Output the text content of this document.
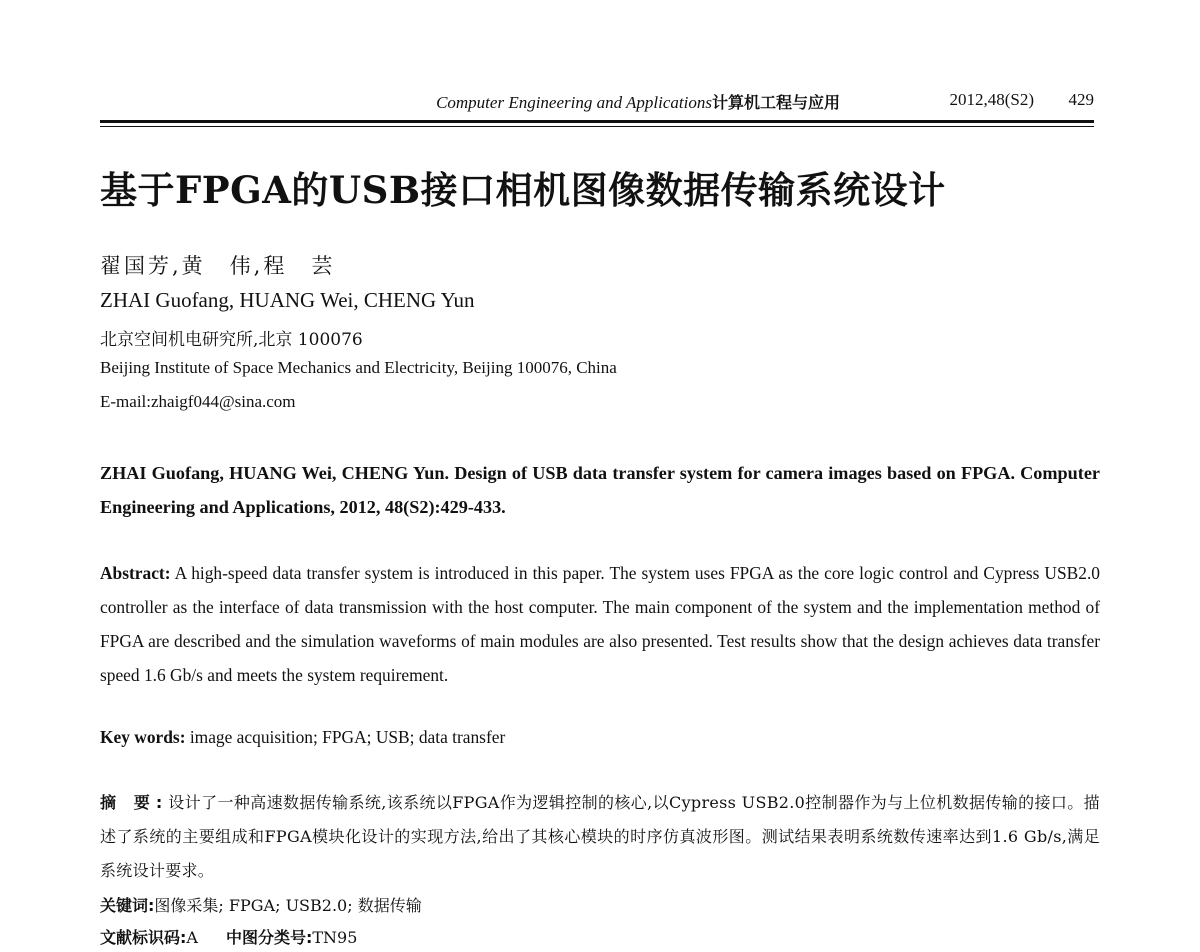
Computer Engineering and Applications计算机工程与应用	2012,48(S2) 429
基于FPGA的USB接口相机图像数据传输系统设计
翟国芳,黄　伟,程　芸
ZHAI Guofang, HUANG Wei, CHENG Yun
北京空间机电研究所,北京 100076
Beijing Institute of Space Mechanics and Electricity, Beijing 100076, China
E-mail:zhaigf044@sina.com
ZHAI Guofang, HUANG Wei, CHENG Yun. Design of USB data transfer system for camera images based on FPGA. Computer Engineering and Applications, 2012, 48(S2):429-433.
Abstract: A high-speed data transfer system is introduced in this paper. The system uses FPGA as the core logic control and Cypress USB2.0 controller as the interface of data transmission with the host computer. The main component of the system and the implementation method of FPGA are described and the simulation waveforms of main modules are also presented. Test results show that the design achieves data transfer speed 1.6 Gb/s and meets the system requirement.
Key words: image acquisition; FPGA; USB; data transfer
摘 要:设计了一种高速数据传输系统,该系统以FPGA作为逻辑控制的核心,以Cypress USB2.0控制器作为与上位机数据传输的接口。描述了系统的主要组成和FPGA模块化设计的实现方法,给出了其核心模块的时序仿真波形图。测试结果表明系统数传速率达到1.6 Gb/s,满足系统设计要求。
关键词:图像采集; FPGA; USB2.0; 数据传输
文献标识码:A 中图分类号:TN95
